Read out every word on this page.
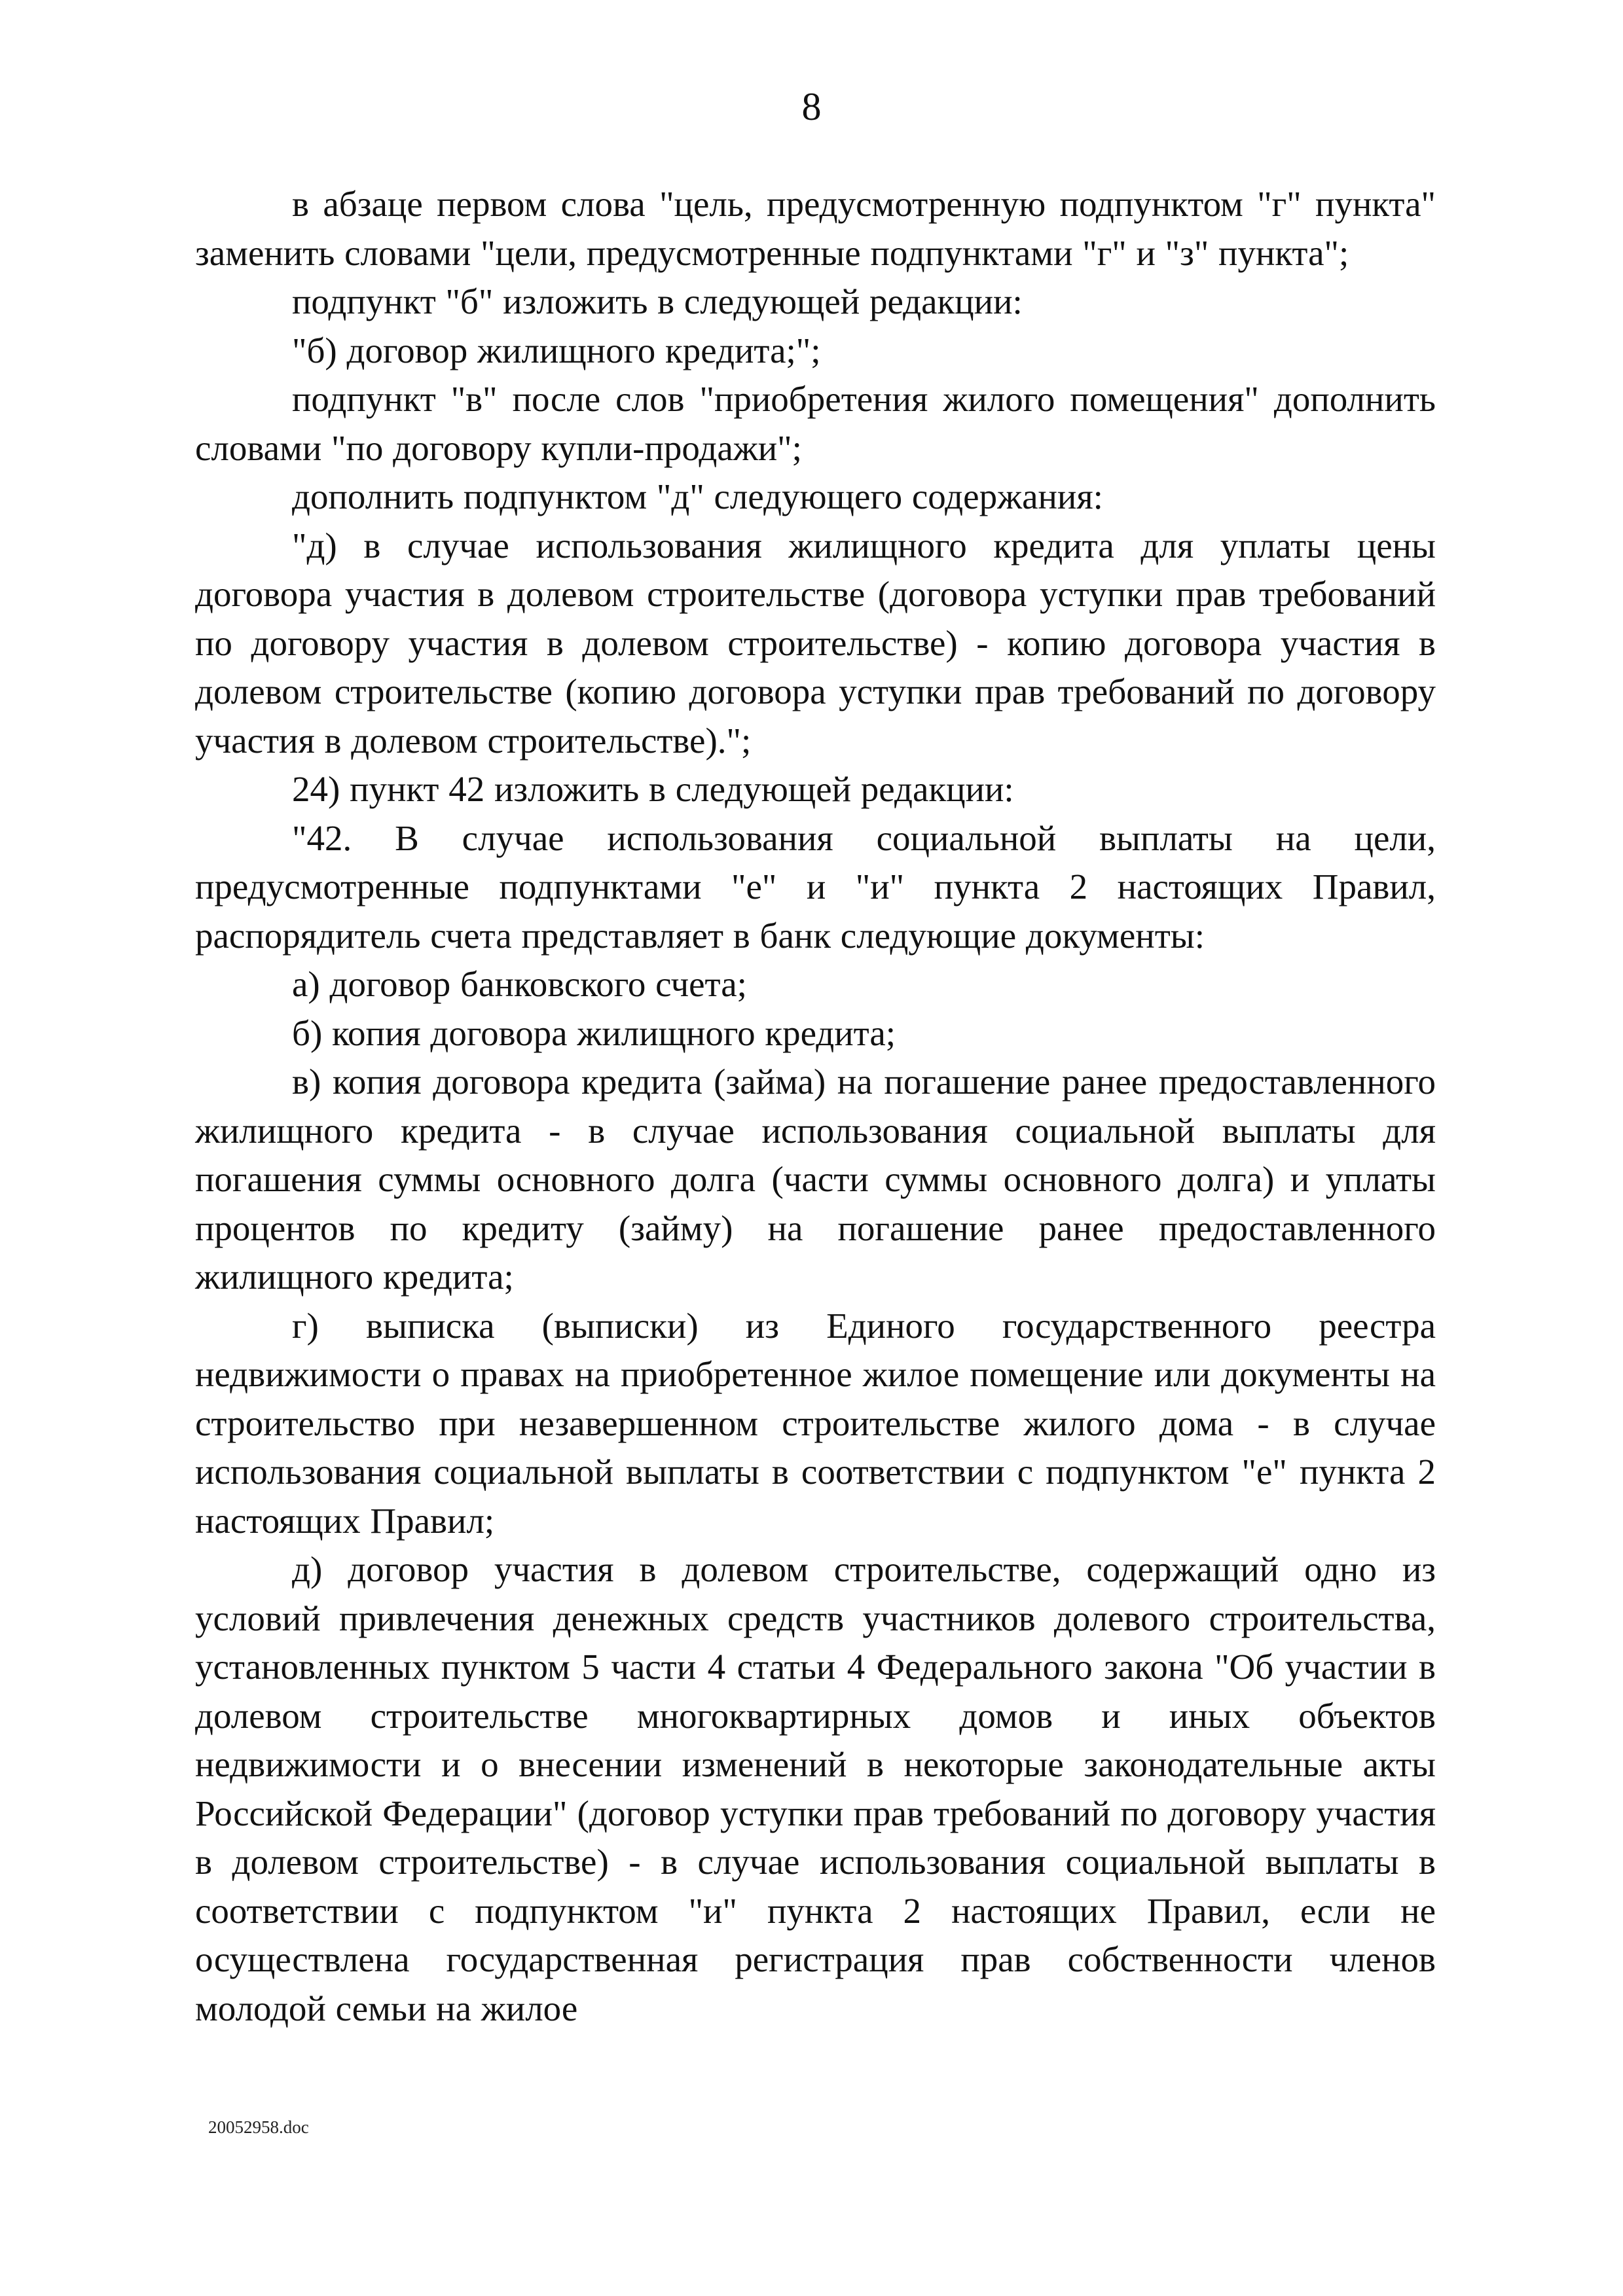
8

в абзаце первом слова "цель, предусмотренную подпунктом "г" пункта" заменить словами "цели, предусмотренные подпунктами "г" и "з" пункта";

подпункт "б" изложить в следующей редакции:

"б) договор жилищного кредита;";

подпункт "в" после слов "приобретения жилого помещения" дополнить словами "по договору купли-продажи";

дополнить подпунктом "д" следующего содержания:

"д) в случае использования жилищного кредита для уплаты цены договора участия в долевом строительстве (договора уступки прав требований по договору участия в долевом строительстве) - копию договора участия в долевом строительстве (копию договора уступки прав требований по договору участия в долевом строительстве).";

24) пункт 42 изложить в следующей редакции:

"42. В случае использования социальной выплаты на цели, предусмотренные подпунктами "е" и "и" пункта 2 настоящих Правил, распорядитель счета представляет в банк следующие документы:

а) договор банковского счета;

б) копия договора жилищного кредита;

в) копия договора кредита (займа) на погашение ранее предоставленного жилищного кредита - в случае использования социальной выплаты для погашения суммы основного долга (части суммы основного долга) и уплаты процентов по кредиту (займу) на погашение ранее предоставленного жилищного кредита;

г) выписка (выписки) из Единого государственного реестра недвижимости о правах на приобретенное жилое помещение или документы на строительство при незавершенном строительстве жилого дома - в случае использования социальной выплаты в соответствии с подпунктом "е" пункта 2 настоящих Правил;

д) договор участия в долевом строительстве, содержащий одно из условий привлечения денежных средств участников долевого строительства, установленных пунктом 5 части 4 статьи 4 Федерального закона "Об участии в долевом строительстве многоквартирных домов и иных объектов недвижимости и о внесении изменений в некоторые законодательные акты Российской Федерации" (договор уступки прав требований по договору участия в долевом строительстве) - в случае использования социальной выплаты в соответствии с подпунктом "и" пункта 2 настоящих Правил, если не осуществлена государственная регистрация прав собственности членов молодой семьи на жилое

20052958.doc
